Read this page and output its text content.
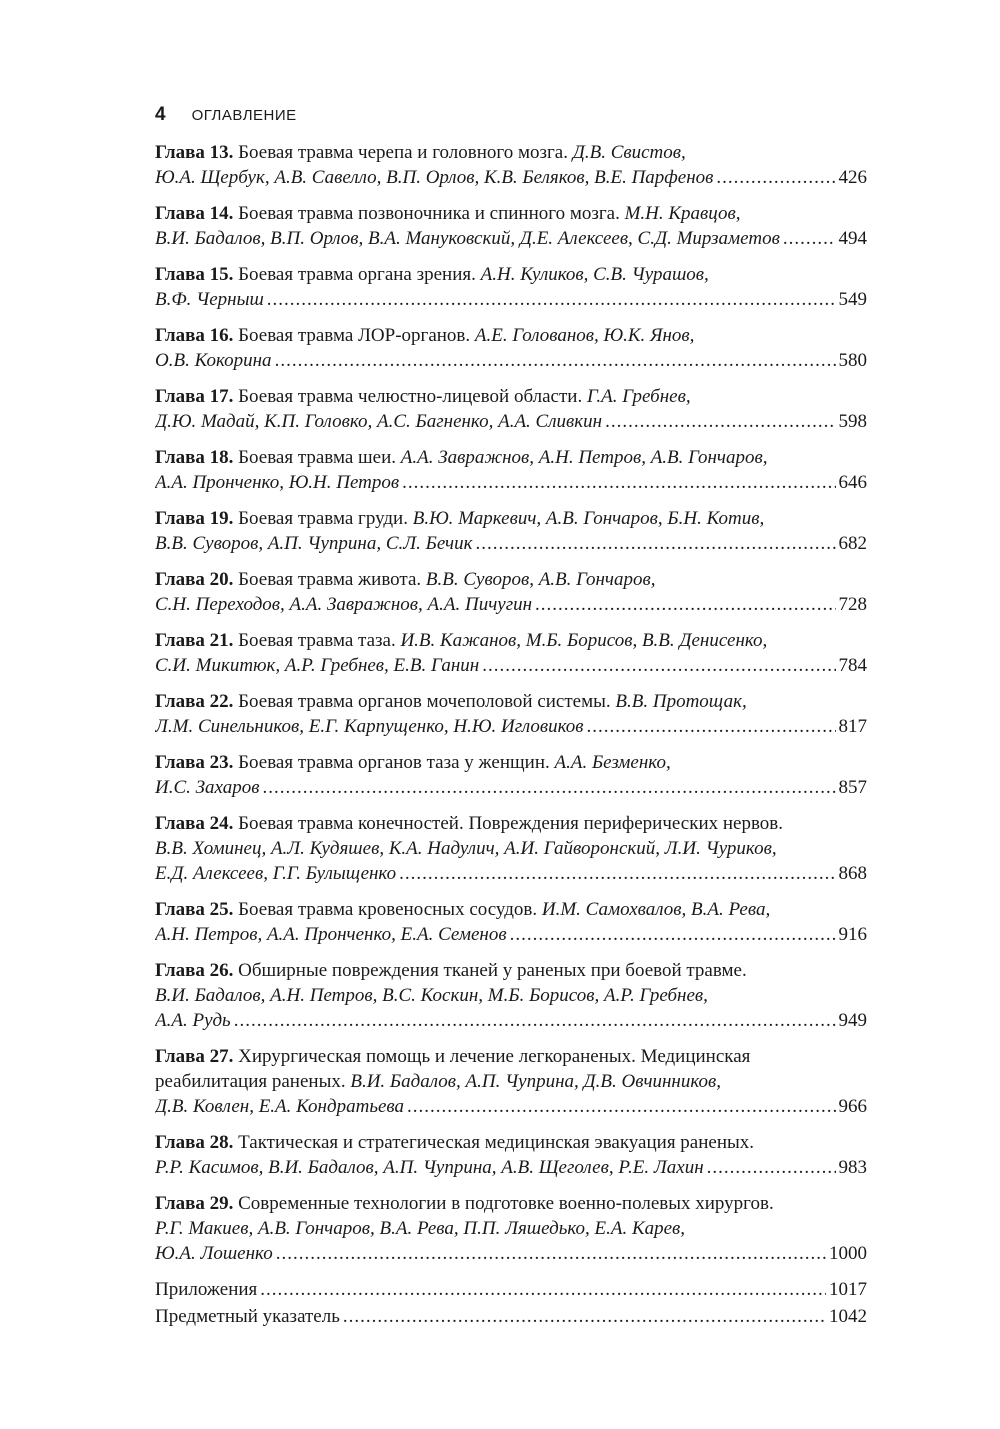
4 ОГЛАВЛЕНИЕ
Глава 13. Боевая травма черепа и головного мозга. Д.В. Свистов,
Ю.А. Щербук, А.В. Савелло, В.П. Орлов, К.В. Беляков, В.Е. Парфенов .....	426
Глава 14. Боевая травма позвоночника и спинного мозга. М.Н. Кравцов,
В.И. Бадалов, В.П. Орлов, В.А. Мануковский, Д.Е. Алексеев, С.Д. Мирзаметов .....	494
Глава 15. Боевая травма органа зрения. А.Н. Куликов, С.В. Чурашов,
В.Ф. Черныш .....	549
Глава 16. Боевая травма ЛОР-органов. А.Е. Голованов, Ю.К. Янов,
О.В. Кокорина .....	580
Глава 17. Боевая травма челюстно-лицевой области. Г.А. Гребнев,
Д.Ю. Мадай, К.П. Головко, А.С. Багненко, А.А. Сливкин .....	598
Глава 18. Боевая травма шеи. А.А. Завражнов, А.Н. Петров, А.В. Гончаров,
А.А. Пронченко, Ю.Н. Петров .....	646
Глава 19. Боевая травма груди. В.Ю. Маркевич, А.В. Гончаров, Б.Н. Котив,
В.В. Суворов, А.П. Чуприна, С.Л. Бечик .....	682
Глава 20. Боевая травма живота. В.В. Суворов, А.В. Гончаров,
С.Н. Переходов, А.А. Завражнов, А.А. Пичугин .....	728
Глава 21. Боевая травма таза. И.В. Кажанов, М.Б. Борисов, В.В. Денисенко,
С.И. Микитюк, А.Р. Гребнев, Е.В. Ганин .....	784
Глава 22. Боевая травма органов мочеполовой системы. В.В. Протощак,
Л.М. Синельников, Е.Г. Карпущенко, Н.Ю. Игловиков .....	817
Глава 23. Боевая травма органов таза у женщин. А.А. Безменко,
И.С. Захаров .....	857
Глава 24. Боевая травма конечностей. Повреждения периферических нервов.
В.В. Хоминец, А.Л. Кудяшев, К.А. Надулич, А.И. Гайворонский, Л.И. Чуриков,
Е.Д. Алексеев, Г.Г. Булыщенко .....	868
Глава 25. Боевая травма кровеносных сосудов. И.М. Самохвалов, В.А. Рева,
А.Н. Петров, А.А. Пронченко, Е.А. Семенов .....	916
Глава 26. Обширные повреждения тканей у раненых при боевой травме.
В.И. Бадалов, А.Н. Петров, В.С. Коскин, М.Б. Борисов, А.Р. Гребнев,
А.А. Рудь .....	949
Глава 27. Хирургическая помощь и лечение легкораненых. Медицинская
реабилитация раненых. В.И. Бадалов, А.П. Чуприна, Д.В. Овчинников,
Д.В. Ковлен, Е.А. Кондратьева .....	966
Глава 28. Тактическая и стратегическая медицинская эвакуация раненых.
Р.Р. Касимов, В.И. Бадалов, А.П. Чуприна, А.В. Щеголев, Р.Е. Лахин .....	983
Глава 29. Современные технологии в подготовке военно-полевых хирургов.
Р.Г. Макиев, А.В. Гончаров, В.А. Рева, П.П. Ляшедько, Е.А. Карев,
Ю.А. Лошенко .....	1000
Приложения .....	1017
Предметный указатель .....	1042
